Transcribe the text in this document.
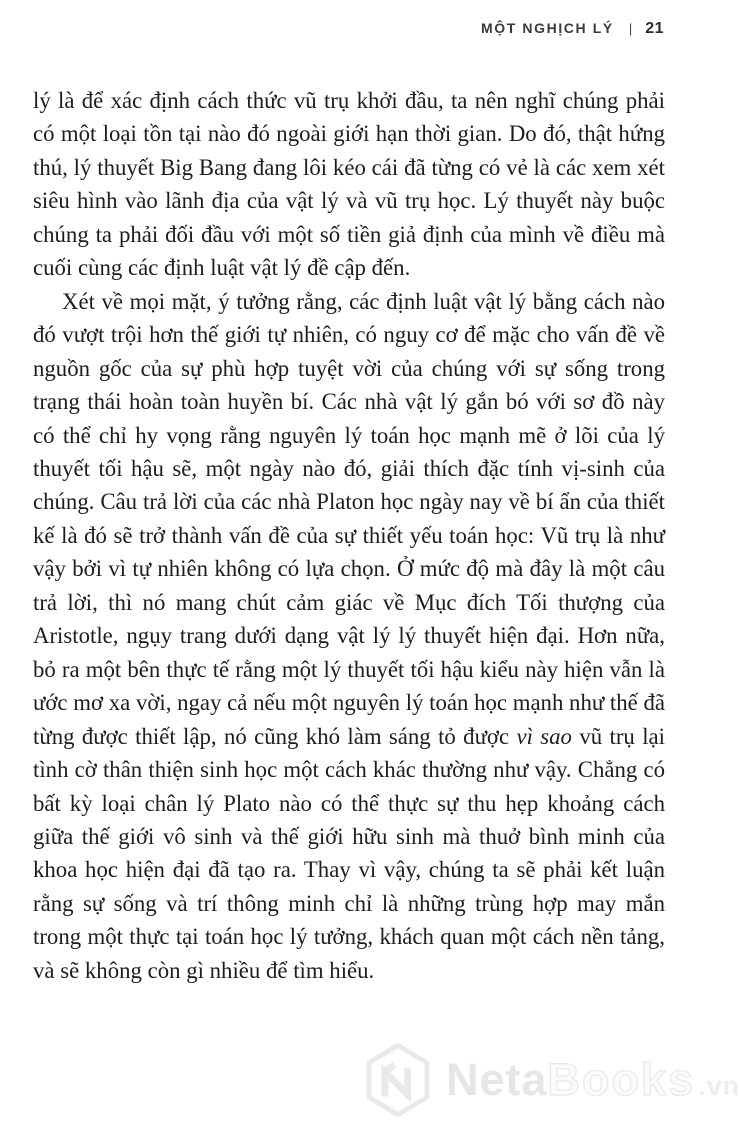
MỘT NGHỊCH LÝ | 21

lý là để xác định cách thức vũ trụ khởi đầu, ta nên nghĩ chúng phải có một loại tồn tại nào đó ngoài giới hạn thời gian. Do đó, thật hứng thú, lý thuyết Big Bang đang lôi kéo cái đã từng có vẻ là các xem xét siêu hình vào lãnh địa của vật lý và vũ trụ học. Lý thuyết này buộc chúng ta phải đối đầu với một số tiền giả định của mình về điều mà cuối cùng các định luật vật lý đề cập đến.

Xét về mọi mặt, ý tưởng rằng, các định luật vật lý bằng cách nào đó vượt trội hơn thế giới tự nhiên, có nguy cơ để mặc cho vấn đề về nguồn gốc của sự phù hợp tuyệt vời của chúng với sự sống trong trạng thái hoàn toàn huyền bí. Các nhà vật lý gắn bó với sơ đồ này có thể chỉ hy vọng rằng nguyên lý toán học mạnh mẽ ở lõi của lý thuyết tối hậu sẽ, một ngày nào đó, giải thích đặc tính vị-sinh của chúng. Câu trả lời của các nhà Platon học ngày nay về bí ẩn của thiết kế là đó sẽ trở thành vấn đề của sự thiết yếu toán học: Vũ trụ là như vậy bởi vì tự nhiên không có lựa chọn. Ở mức độ mà đây là một câu trả lời, thì nó mang chút cảm giác về Mục đích Tối thượng của Aristotle, ngụy trang dưới dạng vật lý lý thuyết hiện đại. Hơn nữa, bỏ ra một bên thực tế rằng một lý thuyết tối hậu kiểu này hiện vẫn là ước mơ xa vời, ngay cả nếu một nguyên lý toán học mạnh như thế đã từng được thiết lập, nó cũng khó làm sáng tỏ được vì sao vũ trụ lại tình cờ thân thiện sinh học một cách khác thường như vậy. Chẳng có bất kỳ loại chân lý Plato nào có thể thực sự thu hẹp khoảng cách giữa thế giới vô sinh và thế giới hữu sinh mà thuở bình minh của khoa học hiện đại đã tạo ra. Thay vì vậy, chúng ta sẽ phải kết luận rằng sự sống và trí thông minh chỉ là những trùng hợp may mắn trong một thực tại toán học lý tưởng, khách quan một cách nền tảng, và sẽ không còn gì nhiều để tìm hiểu.

Neta Books .vn
